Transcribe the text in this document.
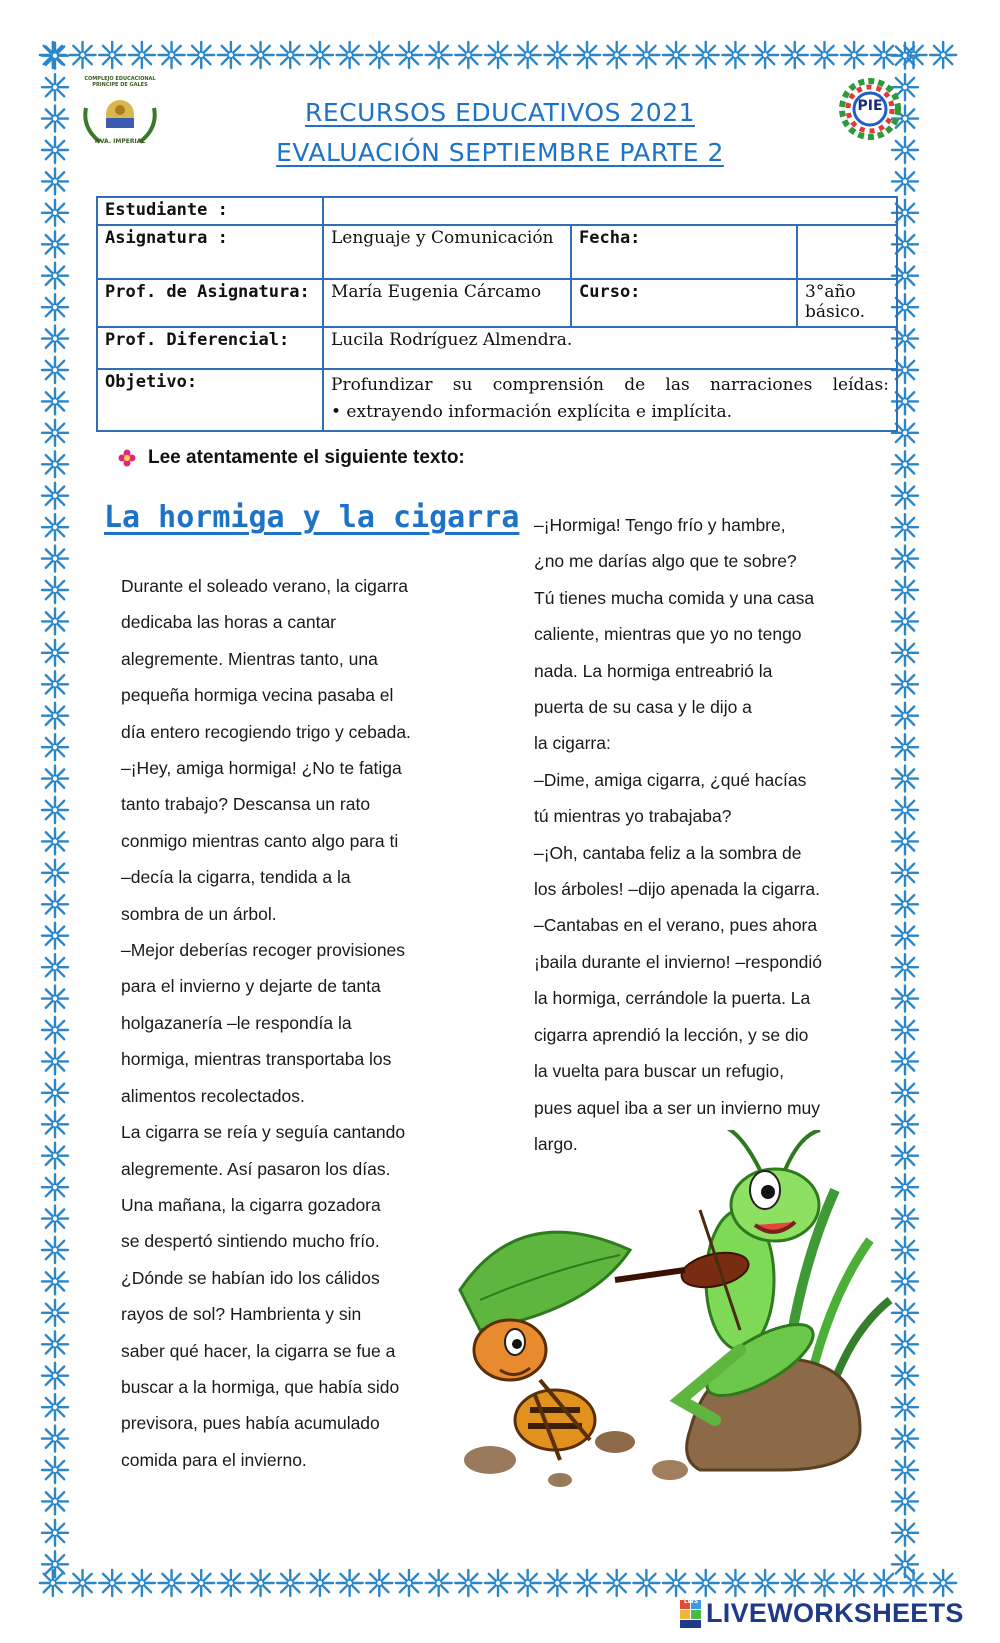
COMPLEJO EDUCACIONAL PRINCIPE DE GALES
NVA. IMPERIAL
PIE
RECURSOS EDUCATIVOS 2021
EVALUACIÓN SEPTIEMBRE PARTE 2
Estudiante :			
Asignatura :	Lenguaje y Comunicación	Fecha:	
Prof. de Asignatura:	María Eugenia Cárcamo	Curso:	3°año básico.
Prof. Diferencial:	Lucila Rodríguez Almendra.		
Objetivo:	Profundizar su comprensión de las narraciones leídas:
• extrayendo información explícita e implícita.		
Lee atentamente el siguiente texto:
La hormiga y la cigarra
Durante el soleado verano, la cigarra
dedicaba las horas a cantar
alegremente. Mientras tanto, una
pequeña hormiga vecina pasaba el
día entero recogiendo trigo y cebada.
–¡Hey, amiga hormiga! ¿No te fatiga
tanto trabajo? Descansa un rato
conmigo mientras canto algo para ti
–decía la cigarra, tendida a la
sombra de un árbol.
–Mejor deberías recoger provisiones
para el invierno y dejarte de tanta
holgazanería –le respondía la
hormiga, mientras transportaba los
alimentos recolectados.
La cigarra se reía y seguía cantando
alegremente. Así pasaron los días.
Una mañana, la cigarra gozadora
se despertó sintiendo mucho frío.
¿Dónde se habían ido los cálidos
rayos de sol? Hambrienta y sin
saber qué hacer, la cigarra se fue a
buscar a la hormiga, que había sido
previsora, pues había acumulado
comida para el invierno.
–¡Hormiga! Tengo frío y hambre,
¿no me darías algo que te sobre?
Tú tienes mucha comida y una casa
caliente, mientras que yo no tengo
nada. La hormiga entreabrió la
puerta de su casa y le dijo a
la cigarra:
–Dime, amiga cigarra, ¿qué hacías
tú mientras yo trabajaba?
–¡Oh, cantaba feliz a la sombra de
los árboles! –dijo apenada la cigarra.
–Cantabas en el verano, pues ahora
¡baila durante el invierno! –respondió
la hormiga, cerrándole la puerta. La
cigarra aprendió la lección, y se dio
la vuelta para buscar un refugio,
pues aquel iba a ser un invierno muy
largo.
LIVEWORKSHEETS
LWS
